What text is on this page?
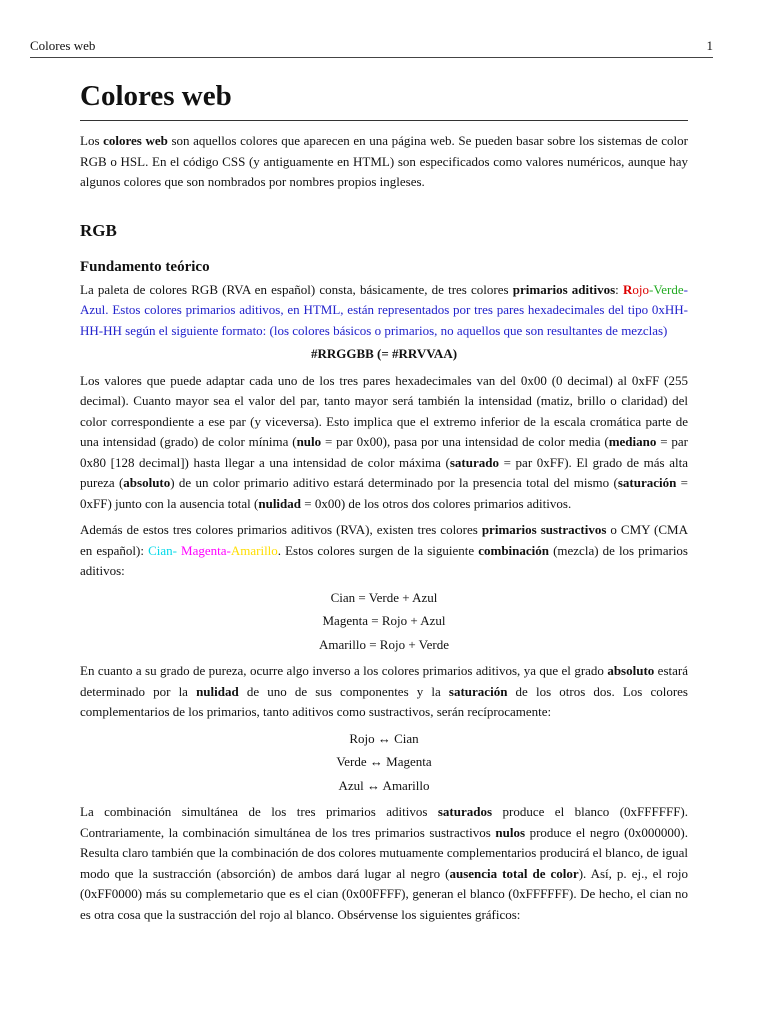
Colores web	1
Colores web

Los colores web son aquellos colores que aparecen en una página web. Se pueden basar sobre los sistemas de color RGB o HSL. En el código CSS (y antiguamente en HTML) son especificados como valores numéricos, aunque hay algunos colores que son nombrados por nombres propios ingleses.

RGB
Fundamento teórico

La paleta de colores RGB (RVA en español) consta, básicamente, de tres colores primarios aditivos: Rojo-Verde-Azul. Estos colores primarios aditivos, en HTML, están representados por tres pares hexadecimales del tipo 0xHH-HH-HH según el siguiente formato: (los colores básicos o primarios, no aquellos que son resultantes de mezclas)

#RRGGBB (= #RRVVAA)

Los valores que puede adaptar cada uno de los tres pares hexadecimales van del 0x00 (0 decimal) al 0xFF (255 decimal). Cuanto mayor sea el valor del par, tanto mayor será también la intensidad (matiz, brillo o claridad) del color correspondiente a ese par (y viceversa). Esto implica que el extremo inferior de la escala cromática parte de una intensidad (grado) de color mínima (nulo = par 0x00), pasa por una intensidad de color media (mediano = par 0x80 [128 decimal]) hasta llegar a una intensidad de color máxima (saturado = par 0xFF). El grado de más alta pureza (absoluto) de un color primario aditivo estará determinado por la presencia total del mismo (saturación = 0xFF) junto con la ausencia total (nulidad = 0x00) de los otros dos colores primarios aditivos.

Además de estos tres colores primarios aditivos (RVA), existen tres colores primarios sustractivos o CMY (CMA en español): Cian- Magenta-Amarillo. Estos colores surgen de la siguiente combinación (mezcla) de los primarios aditivos:

Cian = Verde + Azul

Magenta = Rojo + Azul

Amarillo = Rojo + Verde

En cuanto a su grado de pureza, ocurre algo inverso a los colores primarios aditivos, ya que el grado absoluto estará determinado por la nulidad de uno de sus componentes y la saturación de los otros dos. Los colores complementarios de los primarios, tanto aditivos como sustractivos, serán recíprocamente:

Rojo ↔ Cian

Verde ↔ Magenta

Azul ↔ Amarillo

La combinación simultánea de los tres primarios aditivos saturados produce el blanco (0xFFFFFF). Contrariamente, la combinación simultánea de los tres primarios sustractivos nulos produce el negro (0x000000). Resulta claro también que la combinación de dos colores mutuamente complementarios producirá el blanco, de igual modo que la sustracción (absorción) de ambos dará lugar al negro (ausencia total de color). Así, p. ej., el rojo (0xFF0000) más su complemetario que es el cian (0x00FFFF), generan el blanco (0xFFFFFF). De hecho, el cian no es otra cosa que la sustracción del rojo al blanco. Obsérvense los siguientes gráficos:
